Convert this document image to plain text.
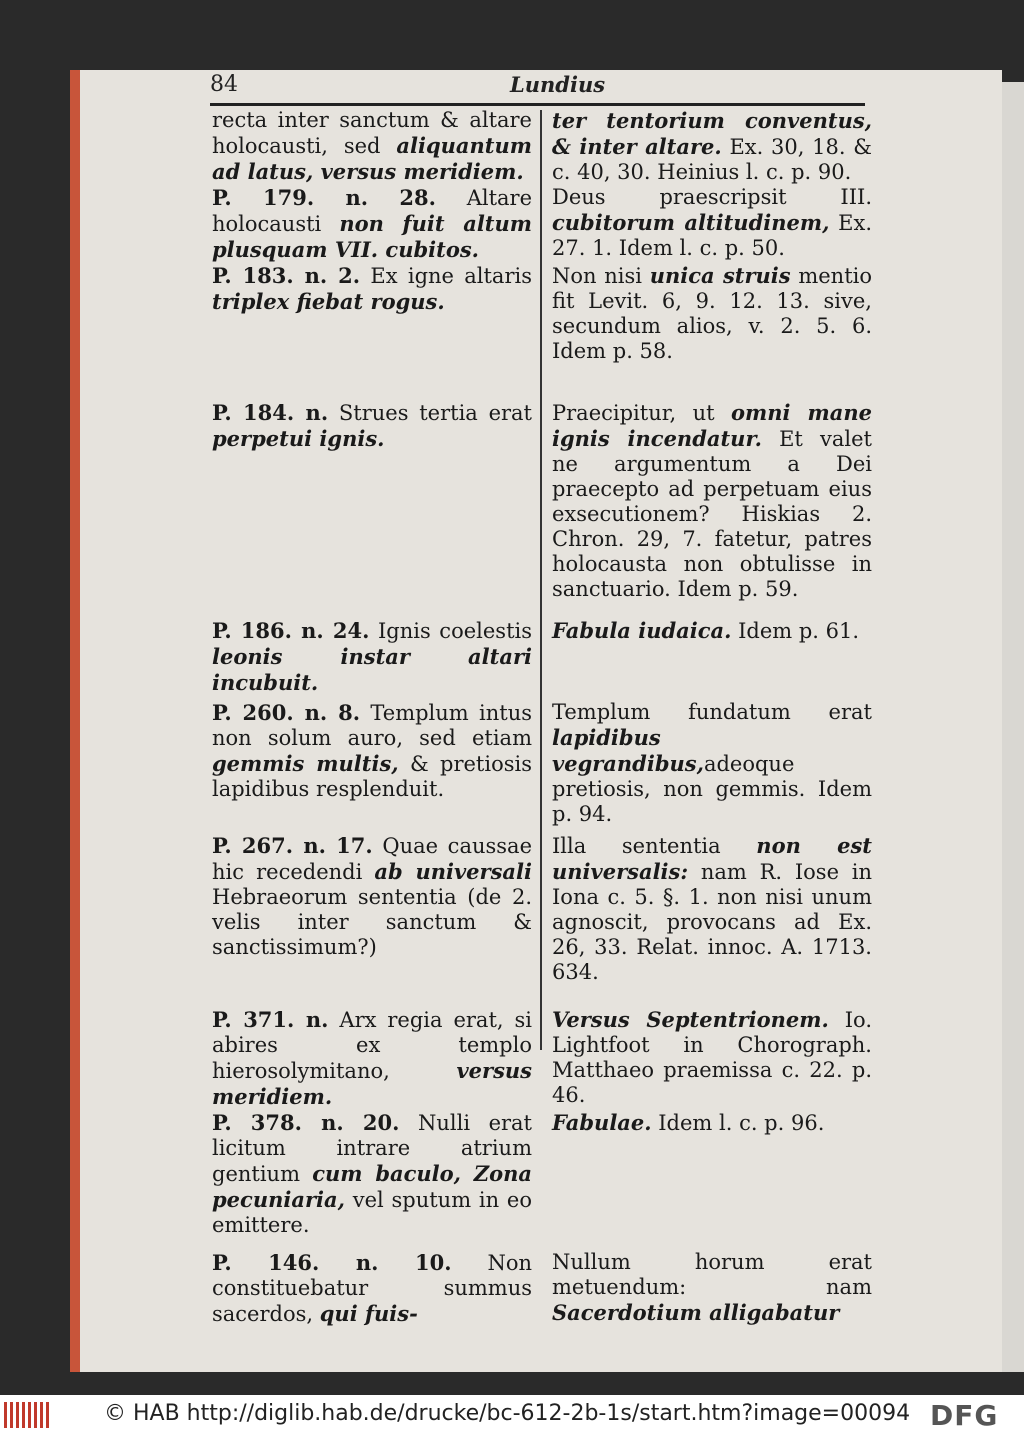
84	Lundius
recta inter sanctum & altare holocausti, sed aliquantum ad latus, versus meridiem.
ter tentorium conventus, & inter altare. Ex. 30, 18. & c. 40, 30. Heinius l. c. p. 90.
P. 179. n. 28. Altare holocausti non fuit altum plusquam VII. cubitos.
Deus praescripsit III. cubitorum altitudinem, Ex. 27. 1. Idem l. c. p. 50.
P. 183. n. 2. Ex igne altaris triplex fiebat rogus.
Non nisi unica struis mentio fit Levit. 6, 9. 12. 13. sive, secundum alios, v. 2. 5. 6. Idem p. 58.
P. 184. n. Strues tertia erat perpetui ignis.
Praecipitur, ut omni mane ignis incendatur. Et valet ne argumentum a Dei praecepto ad perpetuam eius exsecutionem? Hiskias 2. Chron. 29, 7. fatetur, patres holocausta non obtulisse in sanctuario. Idem p. 59.
P. 186. n. 24. Ignis coelestis leonis instar altari incubuit.
Fabula iudaica. Idem p. 61.
P. 260. n. 8. Templum intus non solum auro, sed etiam gemmis multis, & pretiosis lapidibus resplenduit.
Templum fundatum erat lapidibus vegrandibus,adeoque pretiosis, non gemmis. Idem p. 94.
P. 267. n. 17. Quae caussae hic recedendi ab universali Hebraeorum sententia (de 2. velis inter sanctum & sanctissimum?)
Illa sententia non est universalis: nam R. Iose in Iona c. 5. §. 1. non nisi unum agnoscit, provocans ad Ex. 26, 33. Relat. innoc. A. 1713. 634.
P. 371. n. Arx regia erat, si abires ex templo hierosolymitano, versus meridiem.
Versus Septentrionem. Io. Lightfoot in Chorograph. Matthaeo praemissa c. 22. p. 46.
P. 378. n. 20. Nulli erat licitum intrare atrium gentium cum baculo, Zona pecuniaria, vel sputum in eo emittere.
Fabulae. Idem l. c. p. 96.
P. 146. n. 10. Non constituebatur summus sacerdos, qui fuis-
Nullum horum erat metuendum: nam Sacerdotium alligabatur
© HAB http://diglib.hab.de/drucke/bc-612-2b-1s/start.htm?image=00094 DFG
